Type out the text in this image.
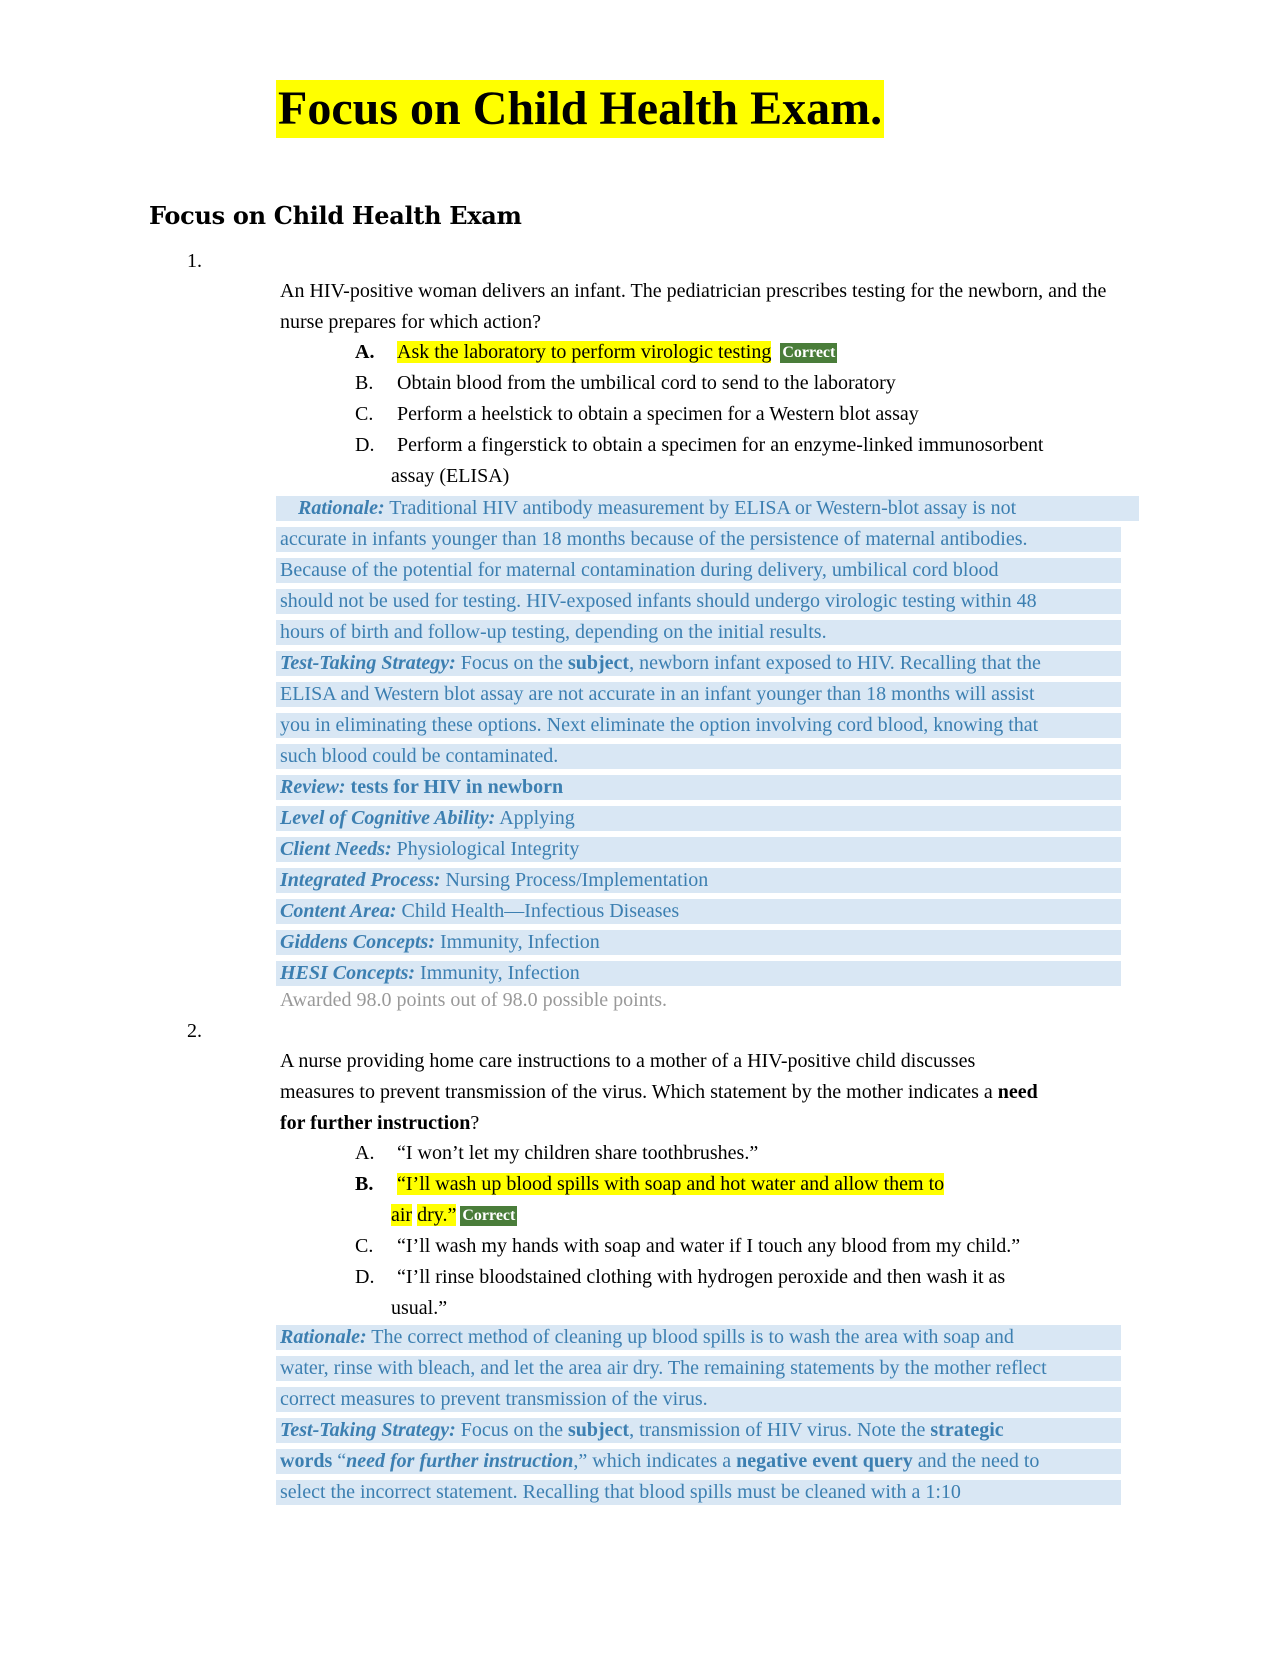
Focus on Child Health Exam.
Focus on Child Health Exam
1.

An HIV-positive woman delivers an infant. The pediatrician prescribes testing for the newborn, and the nurse prepares for which action?

A. Ask the laboratory to perform virologic testing Correct
B. Obtain blood from the umbilical cord to send to the laboratory
C. Perform a heelstick to obtain a specimen for a Western blot assay
D. Perform a fingerstick to obtain a specimen for an enzyme-linked immunosorbent
assay (ELISA)
Rationale: Traditional HIV antibody measurement by ELISA or Western-blot assay is not
accurate in infants younger than 18 months because of the persistence of maternal antibodies.
Because of the potential for maternal contamination during delivery, umbilical cord blood
should not be used for testing. HIV-exposed infants should undergo virologic testing within 48
hours of birth and follow-up testing, depending on the initial results.
Test-Taking Strategy: Focus on the subject, newborn infant exposed to HIV. Recalling that the
ELISA and Western blot assay are not accurate in an infant younger than 18 months will assist
you in eliminating these options. Next eliminate the option involving cord blood, knowing that
such blood could be contaminated.
Review: tests for HIV in newborn
Level of Cognitive Ability: Applying
Client Needs: Physiological Integrity
Integrated Process: Nursing Process/Implementation
Content Area: Child Health—Infectious Diseases
Giddens Concepts: Immunity, Infection
HESI Concepts: Immunity, Infection
Awarded 98.0 points out of 98.0 possible points.
2.
A nurse providing home care instructions to a mother of a HIV-positive child discusses
measures to prevent transmission of the virus. Which statement by the mother indicates a need
for further instruction?
A. “I won’t let my children share toothbrushes.”
B. “I’ll wash up blood spills with soap and hot water and allow them to
air dry.” Correct
C. “I’ll wash my hands with soap and water if I touch any blood from my child.”
D. “I’ll rinse bloodstained clothing with hydrogen peroxide and then wash it as
usual.”
Rationale: The correct method of cleaning up blood spills is to wash the area with soap and
water, rinse with bleach, and let the area air dry. The remaining statements by the mother reflect
correct measures to prevent transmission of the virus.
Test-Taking Strategy: Focus on the subject, transmission of HIV virus. Note the strategic
words “need for further instruction,” which indicates a negative event query and the need to
select the incorrect statement. Recalling that blood spills must be cleaned with a 1:10
